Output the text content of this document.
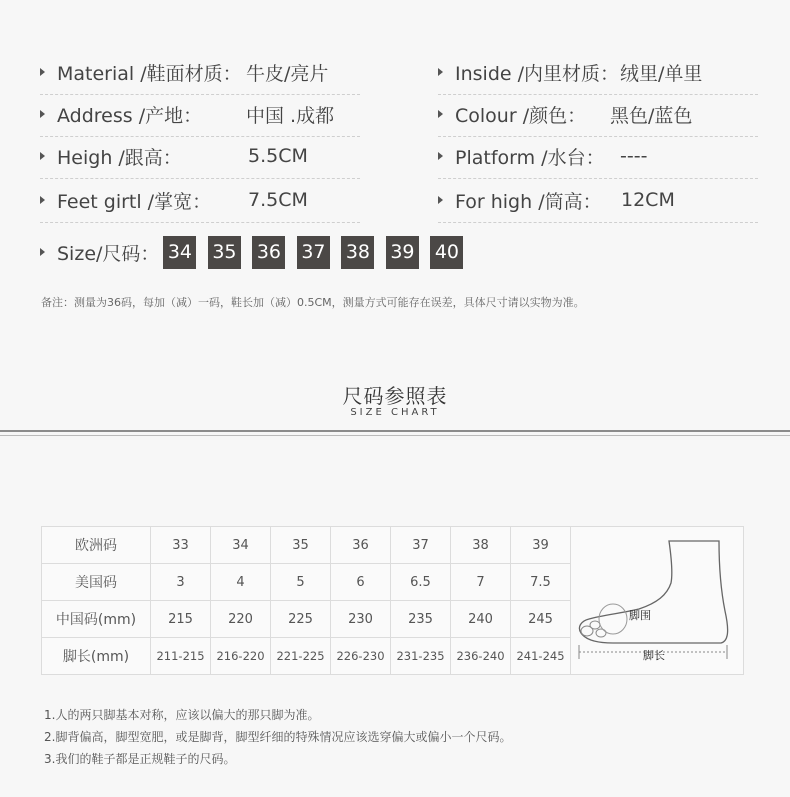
Material /鞋面材质： 牛皮/亮片
Address /产地： 中国 .成都
Heigh /跟高：	5.5CM
Feet girtl /掌宽： 7.5CM
Inside /内里材质： 绒里/单里
Colour /颜色： 黑色/蓝色
Platform /水台： ----
For high /筒高： 12CM
Size/尺码： 34 35 36 37 38 39 40
备注：测量为36码，每加（减）一码，鞋长加（减）0.5CM，测量方式可能存在误差，具体尺寸请以实物为准。
尺码参照表
SIZE CHART
欧洲码	33	34	35	36	37	38	39	脚围
脚长

美国码	3	4	5	6	6.5	7	7.5	
中国码(mm)	215	220	225	230	235	240	245	
脚长(mm)	211-215	216-220	221-225	226-230	231-235	236-240	241-245	
1.人的两只脚基本对称，应该以偏大的那只脚为准。
2.脚背偏高，脚型宽肥，或是脚背，脚型纤细的特殊情况应该选穿偏大或偏小一个尺码。
3.我们的鞋子都是正规鞋子的尺码。
